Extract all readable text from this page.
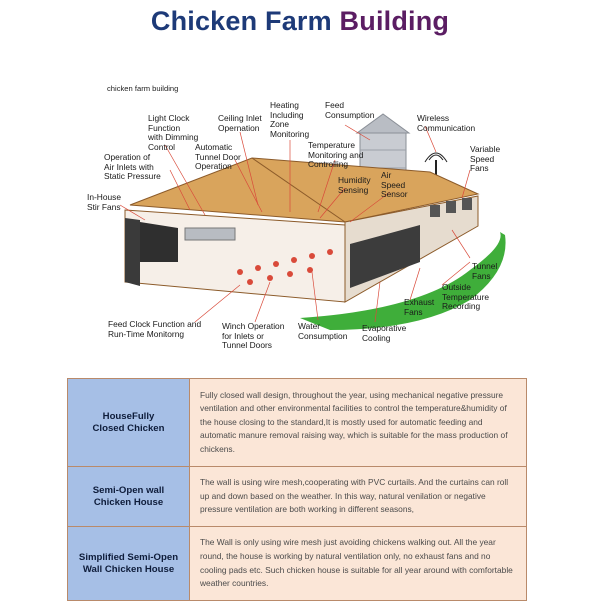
Chicken Farm Building
chicken farm building
Light Clock
Function
with Dimming
Control
Ceiling Inlet
Opernation
Heating
Including
Zone
Monitoring
Feed
Consumption	Wireless
Communication
Operation of
Air Inlets with
Static Pressure
Automatic
Tunnel Door
Operation
Temperature
Monitoring and
Controlling
Humidity
Sensing
Air
Speed
Sensor
Variable
Speed
Fans
In-House
Stir Fans
Tunnel
Fans
Outside
Temperature
Recording
Exhaust
Fans
Feed Clock Function and
Run-Time Monitorng
Winch Operation
for Inlets or
Tunnel Doors
Water
Consumption
Evaporative
Cooling
HouseFully
Closed Chicken	Fully closed wall design, throughout the year, using mechanical negative pressure ventilation and other environmental facilities to control the temperature&humidity of the house closing to the standard,It is mostly used for automatic feeding and automatic manure removal raising way, which is suitable for the mass production of chickens.
Semi-Open wall
Chicken House	The wall is using wire mesh,cooperating with PVC curtails. And the curtains can roll up and down based on the weather. In this way, natural venilation or negative pressure ventilation are both working in different seasons,
Simplified Semi-Open
Wall Chicken House	The Wall is only using wire mesh just avoiding chickens walking out. All the year round, the house is working by natural ventilation only, no exhaust fans and no cooling pads etc. Such chicken house is suitable for all year around with comfortable weather countries.
